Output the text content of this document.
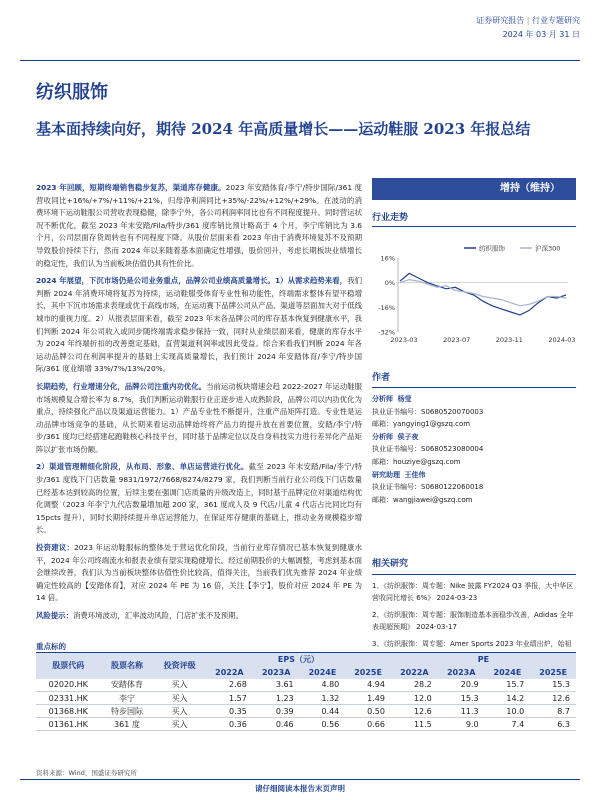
证券研究报告 | 行业专题研究
2024 年 03 月 31 日
纺织服饰
基本面持续向好，期待 2024 年高质量增长——运动鞋服 2023 年报总结

2023 年回顾，短期终端销售稳步复苏，渠道库存健康。2023 年安踏体育/李宁/特步国际/361 度营收同比+16%/+7%/+11%/+21%，归母净利润同比+35%/-22%/+12%/+29%。在波动的消费环境下运动鞋服公司营收表现稳健，除李宁外，各公司利润率同比也有不同程度提升。同时营运状况不断优化，截至 2023 年末安踏/Fila/特步/361 度库销比预计略高于 4 个月，李宁库销比为 3.6 个月，公司层面存货周转也有不同程度下降。从股价层面来看 2023 年由于消费环境复苏不及预期导致股价持续下行，然而 2024 年以来随着基本面确定性增强，股价回升，考虑长期板块业绩增长的稳定性，我们认为当前板块估值仍具有性价比。

2024 年展望，下沉市场仍是公司业务重点，品牌公司业绩高质量增长。1）从需求趋势来看，我们判断 2024 年消费环境将复苏为持续，运动鞋服受体育专业性和功能性，终端需求整体有望平稳增长，其中下沉市场需求表现或优于高线市场，在运动赛下品牌公司从产品、渠道等层面加大对于低线城市的重视力度。2）从报表层面来看，截至 2023 年末各品牌公司的库存基本恢复到健康水平，我们判断 2024 年公司收入或同步随终端需求稳步保持一致，同时从业绩层面来看，健康的库存水平为 2024 年终端折扣的改善奠定基础，直营渠道利润率或因此受益。综合来看我们判断 2024 年各运动品牌公司在利润率提升的基础上实现高质量增长，我们预计 2024 年安踏体育/李宁/特步国际/361 度业绩增 33%/7%/13%/20%。

长期趋势，行业增速分化，品牌公司注重内功优化。当前运动板块增速会趋 2022-2027 年运动鞋服市场规模复合增长率为 8.7%，我们判断运动鞋服行业正逐步进入成熟阶段，品牌公司以内功优化为重点，持续强化产品以及渠道运营能力。1）产品专业性不断提升，注重产品矩阵打造。专业性是运动品牌市场竞争的基础，从长期来看运动品牌始终将产品力的提升放在首要位置，安踏/李宁/特步/361 度均已经搭建起跑鞋核心科技平台，同时基于品牌定位以及自身科技实力进行差异化产品矩阵以扩张市场份额。

2）渠道管理精细化阶段，从布局、形象、单店运营进行优化。截至 2023 年末安踏/Fila/李宁/特步/361 度线下门店数量 9831/1972/7668/8274/8279 家，我们判断当前行业公司线下门店数量已经基本达到较高的位置，后续主要在强调门店质量的升级改造上，同时基于品牌定位对渠道结构优化调整（2023 年李宁九代店数量增加超 200 家，361 度成人及 9 代店/儿童 4 代店占比同比均有 15pcts 提升），同时长期持续提升单店运营能力，在保证库存健康的基础上，推动业务规模稳步增长。

投资建议：2023 年运动鞋服标的整体处于营运优化阶段，当前行业库存情况已基本恢复到健康水平，2024 年公司终端流水和报表业绩有望实现稳健增长。经过前期股价的大幅调整，考虑到基本面会继续改善，我们认为当前板块整体估值性价比较高，值得关注，当前我们优先推荐 2024 年业绩确定性较高的【安踏体育】，对应 2024 年 PE 为 16 倍，关注【李宁】，股价对应 2024 年 PE 为 14 倍。

风险提示：消费环境波动，汇率波动风险，门店扩张不及预期。

增持（维持）
行业走势
纺织服饰	沪深300
16%
0%
-16%
-32%
2023-03	2023-07	2023-11	2024-03
作者
分析师 杨莹
执业证书编号：S0680520070003
邮箱：yangying1@gszq.com
分析师 侯子夜
执业证书编号：S0680523080004
邮箱：houziye@gszq.com
研究助理 王佳伟
执业证书编号：S0680122060018
邮箱：wangjiawei@gszq.com
相关研究
1、《纺织服饰：周专题：Nike 披露 FY2024 Q3 季报，大中华区营收同比增长 6%》 2024-03-23
2、《纺织服饰：周专题：服饰制造基本面稳步改善，Adidas 全年表现超预期》 2024-03-17
3、《纺织服饰：周专题：Amer Sports 2023 年业绩出炉，始祖
重点标的
股票代码	股票名称	投资评级	EPS（元）				PE			
			2022A	2023A	2024E	2025E	2022A	2023A	2024E	2025E
02020.HK	安踏体育	买入	2.68	3.61	4.80	4.94	28.2	20.9	15.7	15.3
02331.HK	李宁	买入	1.57	1.23	1.32	1.49	12.0	15.3	14.2	12.6
01368.HK	特步国际	买入	0.35	0.39	0.44	0.50	12.6	11.3	10.0	8.7
01361.HK	361 度	买入	0.36	0.46	0.56	0.66	11.5	9.0	7.4	6.3
资料来源：Wind，国盛证券研究所
请仔细阅读本报告末页声明
